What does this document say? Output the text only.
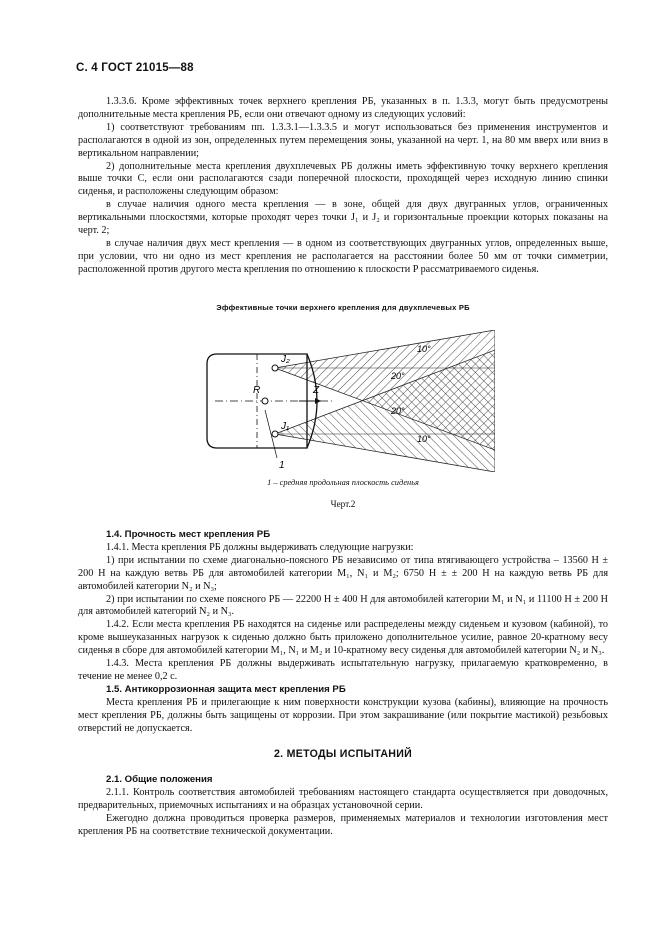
С. 4 ГОСТ 21015—88

1.3.3.6. Кроме эффективных точек верхнего крепления РБ, указанных в п. 1.3.3, могут быть предусмотрены дополнительные места крепления РБ, если они отвечают одному из следующих условий:

1) соответствуют требованиям пп. 1.3.3.1—1.3.3.5 и могут использоваться без применения инструментов и располагаются в одной из зон, определенных путем перемещения зоны, указанной на черт. 1, на 80 мм вверх или вниз в вертикальном направлении;

2) дополнительные места крепления двухплечевых РБ должны иметь эффективную точку верхнего крепления выше точки С, если они располагаются сзади поперечной плоскости, проходящей через исходную линию спинки сиденья, и расположены следующим образом:

в случае наличия одного места крепления — в зоне, общей для двух двугранных углов, ограниченных вертикальными плоскостями, которые проходят через точки J₁ и J₂ и горизонтальные проекции которых показаны на черт. 2;

в случае наличия двух мест крепления — в одном из соответствующих двугранных углов, определенных выше, при условии, что ни одно из мест крепления не располагается на расстоянии более 50 мм от точки симметрии, расположенной против другого места крепления по отношению к плоскости P рассматриваемого сиденья.

Эффективные точки верхнего крепления для двухплечевых РБ
R	Z
J₂
J₁
1
10°
20°
20°
10°
1 – средняя продольная плоскость сиденья
Черт.2

1.4. Прочность мест крепления РБ

1.4.1. Места крепления РБ должны выдерживать следующие нагрузки:

1) при испытании по схеме диагонально-поясного РБ независимо от типа втягивающего устройства – 13560 Н ± 200 Н на каждую ветвь РБ для автомобилей категории M₁, N₁ и M₂; 6750 Н ± ± 200 Н на каждую ветвь РБ для автомобилей категории N₂ и N₃;

2) при испытании по схеме поясного РБ — 22200 Н ± 400 Н для автомобилей категории M₁ и N₁ и 11100 Н ± 200 Н для автомобилей категорий N₂ и N₃.

1.4.2. Если места крепления РБ находятся на сиденье или распределены между сиденьем и кузовом (кабиной), то кроме вышеуказанных нагрузок к сиденью должно быть приложено дополнительное усилие, равное 20-кратному весу сиденья в сборе для автомобилей категории M₁, N₁ и M₂ и 10-кратному весу сиденья для автомобилей категории N₂ и N₃.

1.4.3. Места крепления РБ должны выдерживать испытательную нагрузку, прилагаемую кратковременно, в течение не менее 0,2 с.

1.5. Антикоррозионная защита мест крепления РБ

Места крепления РБ и прилегающие к ним поверхности конструкции кузова (кабины), влияющие на прочность мест крепления РБ, должны быть защищены от коррозии. При этом закрашивание (или покрытие мастикой) резьбовых отверстий не допускается.

2. МЕТОДЫ ИСПЫТАНИЙ

2.1. Общие положения

2.1.1. Контроль соответствия автомобилей требованиям настоящего стандарта осуществляется при доводочных, предварительных, приемочных испытаниях и на образцах установочной серии.

Ежегодно должна проводиться проверка размеров, применяемых материалов и технологии изготовления мест крепления РБ на соответствие технической документации.
